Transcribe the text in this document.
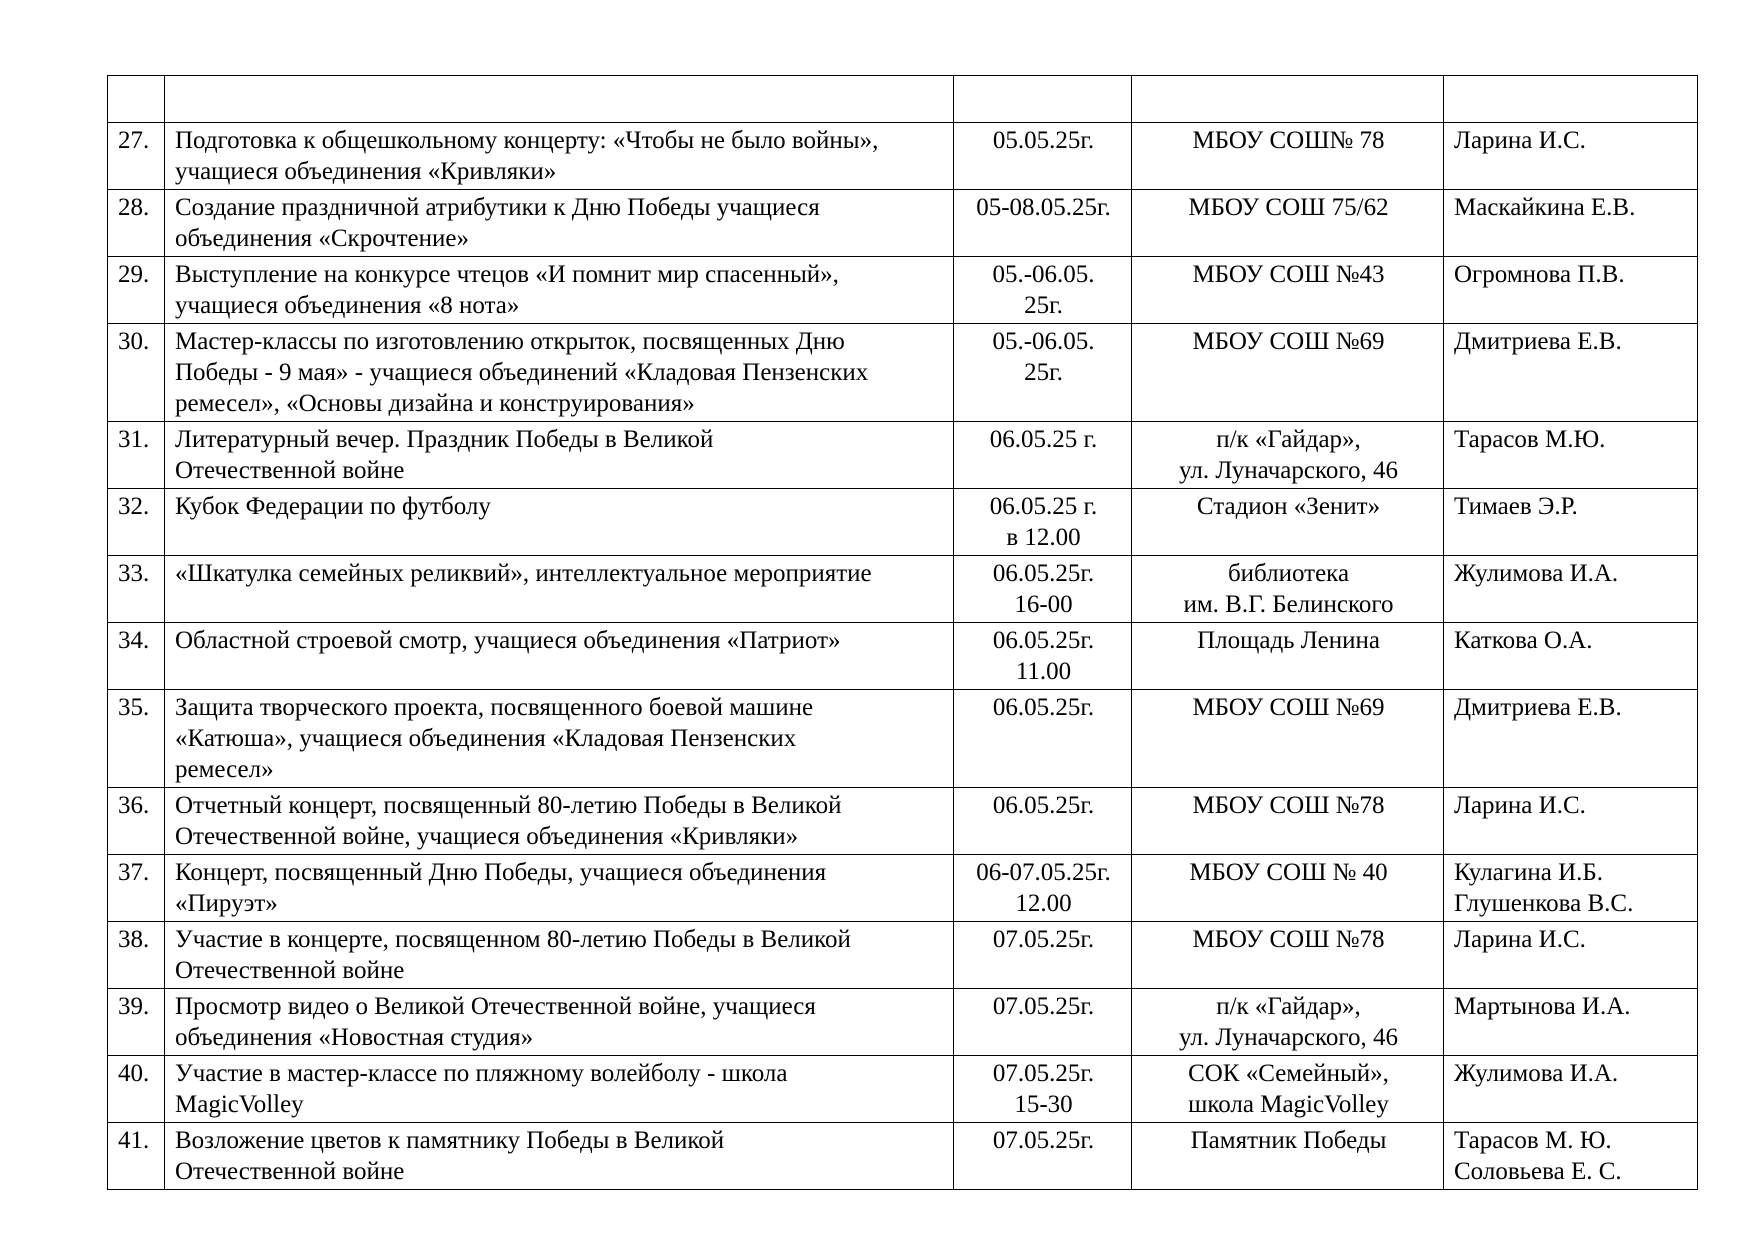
27.	Подготовка к общешкольному концерту: «Чтобы не было войны»,
учащиеся объединения «Кривляки»	05.05.25г.	МБОУ СОШ№ 78	Ларина И.С.

28.	Создание праздничной атрибутики к Дню Победы учащиеся
объединения «Скрочтение»	05-08.05.25г.	МБОУ СОШ 75/62	Маскайкина Е.В.

29.	Выступление на конкурсе чтецов «И помнит мир спасенный»,
учащиеся объединения «8 нота»	05.-06.05.
25г.	МБОУ СОШ №43	Огромнова П.В.

30.	Мастер-классы по изготовлению открыток, посвященных Дню
Победы - 9 мая» - учащиеся объединений «Кладовая Пензенских
ремесел», «Основы дизайна и конструирования»	05.-06.05.
25г.	МБОУ СОШ №69	Дмитриева Е.В.

31.	Литературный вечер. Праздник Победы в Великой
Отечественной войне	06.05.25 г.	п/к «Гайдар»,
ул. Луначарского, 46	Тарасов М.Ю.

32.	Кубок Федерации по футболу	06.05.25 г.
в 12.00	Стадион «Зенит»	Тимаев Э.Р.

33.	«Шкатулка семейных реликвий», интеллектуальное мероприятие	06.05.25г.
16-00	библиотека
им. В.Г. Белинского	Жулимова И.А.

34.	Областной строевой смотр, учащиеся объединения «Патриот»	06.05.25г.
11.00	Площадь Ленина	Каткова О.А.

35.	Защита творческого проекта, посвященного боевой машине
«Катюша», учащиеся объединения «Кладовая Пензенских
ремесел»	06.05.25г.	МБОУ СОШ №69	Дмитриева Е.В.

36.	Отчетный концерт, посвященный 80-летию Победы в Великой
Отечественной войне, учащиеся объединения «Кривляки»	06.05.25г.	МБОУ СОШ №78	Ларина И.С.

37.	Концерт, посвященный Дню Победы, учащиеся объединения
«Пируэт»	06-07.05.25г.
12.00	МБОУ СОШ № 40	Кулагина И.Б.
Глушенкова В.С.

38.	Участие в концерте, посвященном 80-летию Победы в Великой
Отечественной войне	07.05.25г.	МБОУ СОШ №78	Ларина И.С.

39.	Просмотр видео о Великой Отечественной войне, учащиеся
объединения «Новостная студия»	07.05.25г.	п/к «Гайдар»,
ул. Луначарского, 46	Мартынова И.А.

40.	Участие в мастер-классе по пляжному волейболу - школа
MagicVolley	07.05.25г.
15-30	СОК «Семейный»,
школа MagicVolley	Жулимова И.А.

41.	Возложение цветов к памятнику Победы в Великой
Отечественной войне	07.05.25г.	Памятник Победы	Тарасов М. Ю.
Соловьева Е. С.
